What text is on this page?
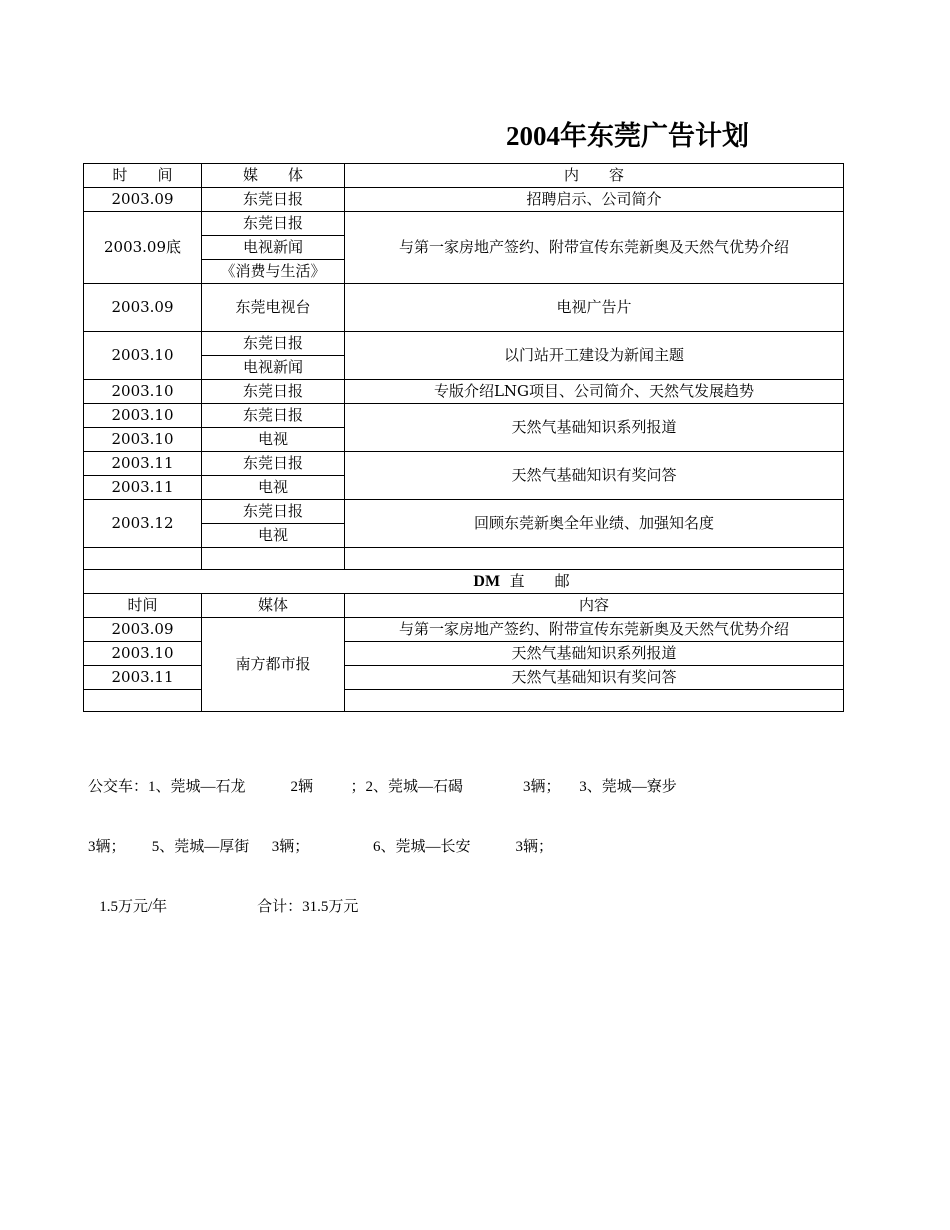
2004年东莞广告计划
时　　间	媒　　体	内　　容
2003.09	东莞日报	招聘启示、公司简介
2003.09底	东莞日报	与第一家房地产签约、附带宣传东莞新奥及天然气优势介绍
	电视新闻	
	《消费与生活》	
2003.09	东莞电视台	电视广告片
2003.10	东莞日报	以门站开工建设为新闻主题
	电视新闻	
2003.10	东莞日报	专版介绍LNG项目、公司简介、天然气发展趋势
2003.10	东莞日报	天然气基础知识系列报道
2003.10	电视	
2003.11	东莞日报	天然气基础知识有奖问答
2003.11	电视	
2003.12	东莞日报	回顾东莞新奥全年业绩、加强知名度
	电视	

DM 直　　邮		
时间	媒体	内容
2003.09	南方都市报	与第一家房地产签约、附带宣传东莞新奥及天然气优势介绍
2003.10		天然气基础知识系列报道
2003.11		天然气基础知识有奖问答

公交车：1、莞城—石龙            2辆          ；2、莞城—石碣                3辆；     3、莞城—寮步

3辆；       5、莞城—厚街      3辆；                 6、莞城—长安            3辆；

1.5万元/年                        合计：31.5万元
